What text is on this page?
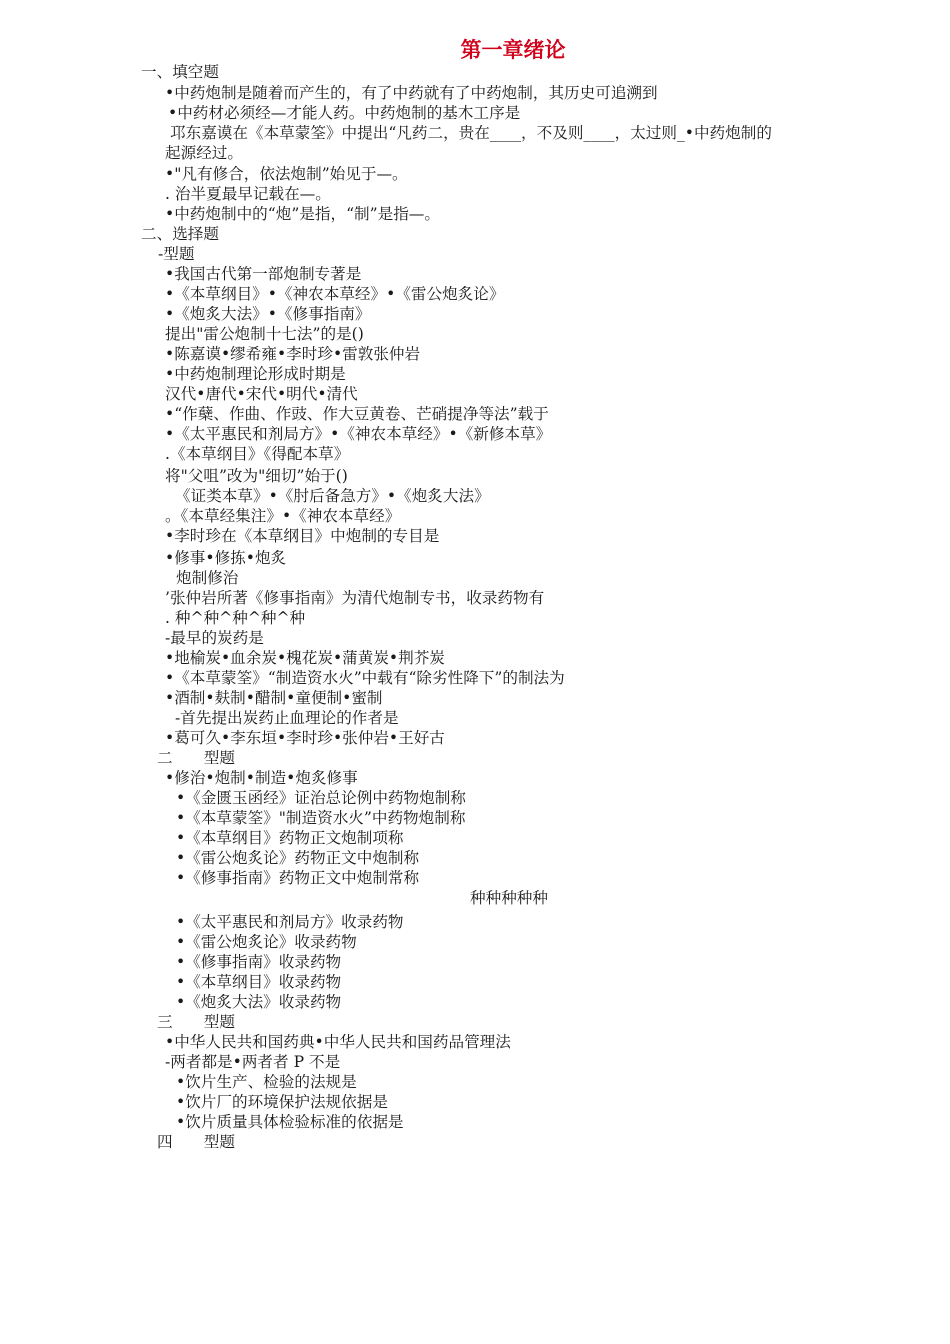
第一章绪论
一、填空题
•中药炮制是随着而产生的，有了中药就有了中药炮制，其历史可追溯到
•中药材必须经—才能人药。中药炮制的基木工序是
邛东嘉谟在《本草蒙筌》中提出“凡药二，贵在____，不及则____，太过则_•中药炮制的
起源经过。
•"凡有修合，依法炮制”始见于—。
. 治半夏最早记载在—。
•中药炮制中的“炮”是指，“制”是指—。
二、选择题
-型题
•我国古代第一部炮制专著是
•《本草纲目》•《神农本草经》•《雷公炮炙论》
•《炮炙大法》•《修事指南》
提出"雷公炮制十七法”的是()
•陈嘉谟•缪希雍•李时珍•雷敦张仲岩
•中药炮制理论形成时期是
汉代•唐代•宋代•明代•清代
•“作蘖、作曲、作豉、作大豆黄卷、芒硝提净等法”载于
•《太平惠民和剂局方》•《神农本草经》•《新修本草》
.《本草纲目》《得配本草》
将"父咀”改为"细切”始于()
《证类本草》•《肘后备急方》•《炮炙大法》
。《本草经集注》•《神农本草经》
•李时珍在《本草纲目》中炮制的专目是
•修事•修拣•炮炙
炮制修治
’张仲岩所著《修事指南》为清代炮制专书，收录药物有
. 种^种^种^种^种
-最早的炭药是
•地榆炭•血余炭•槐花炭•蒲黄炭•荆芥炭
•《本草蒙筌》“制造资水火”中载有“除劣性降下”的制法为
•酒制•麸制•醋制•童便制•蜜制
-首先提出炭药止血理论的作者是
•葛可久•李东垣•李时珍•张仲岩•王好古
二　　型题
•修治•炮制•制造•炮炙修事
•《金匮玉函经》证治总论例中药物炮制称
•《本草蒙筌》"制造资水火”中药物炮制称
•《本草纲目》药物正文炮制项称
•《雷公炮炙论》药物正文中炮制称
•《修事指南》药物正文中炮制常称
种种种种种
•《太平惠民和剂局方》收录药物
•《雷公炮炙论》收录药物
•《修事指南》收录药物
•《本草纲目》收录药物
•《炮炙大法》收录药物
三　　型题
•中华人民共和国药典•中华人民共和国药品管理法
-两者都是•两者者 P 不是
•饮片生产、检验的法规是
•饮片厂的环境保护法规依据是
•饮片质量具体检验标准的依据是
四　　型题
